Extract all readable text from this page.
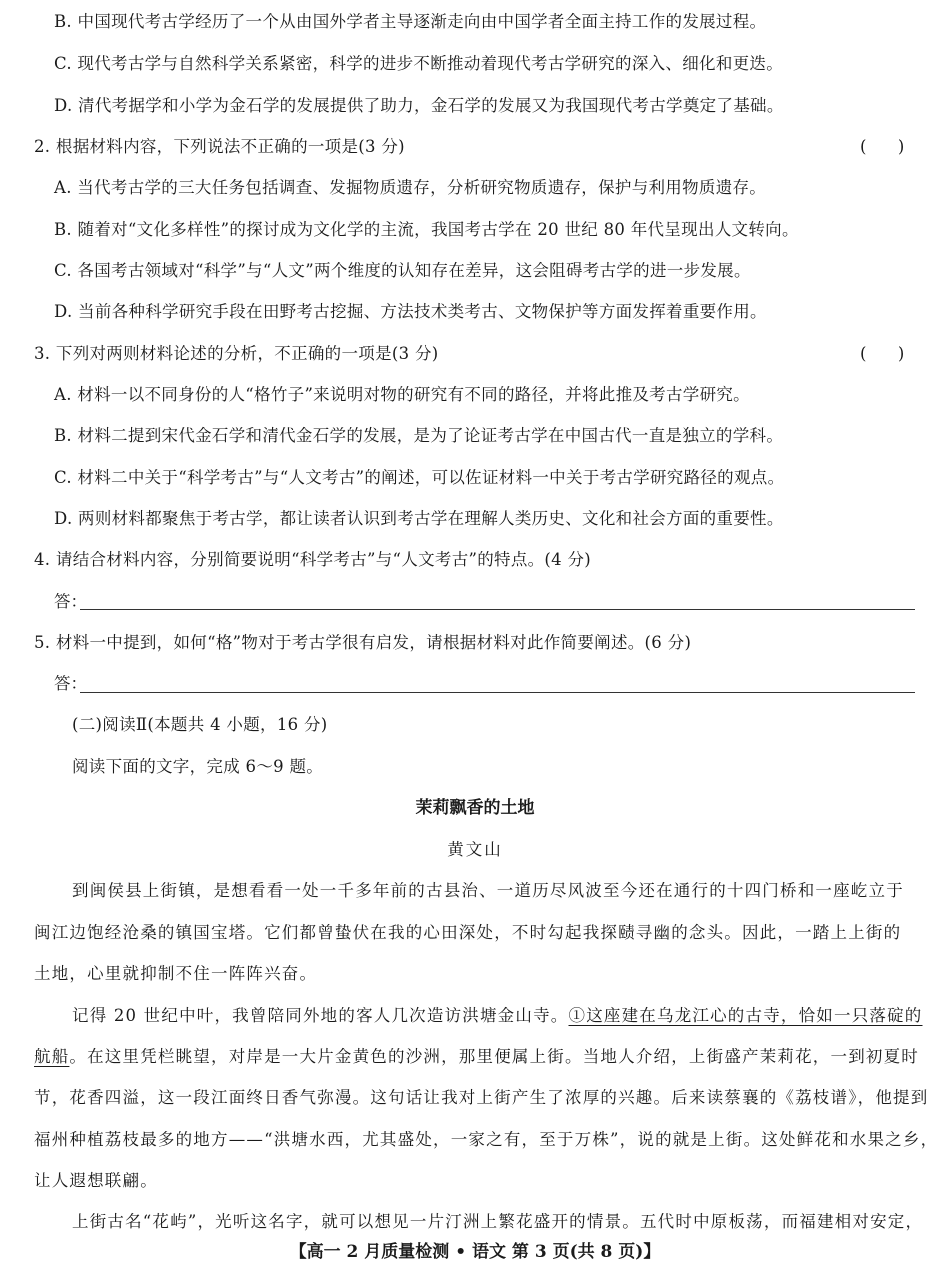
B. 中国现代考古学经历了一个从由国外学者主导逐渐走向由中国学者全面主持工作的发展过程。
C. 现代考古学与自然科学关系紧密，科学的进步不断推动着现代考古学研究的深入、细化和更迭。
D. 清代考据学和小学为金石学的发展提供了助力，金石学的发展又为我国现代考古学奠定了基础。
2. 根据材料内容，下列说法不正确的一项是(3 分)	(      )
A. 当代考古学的三大任务包括调查、发掘物质遗存，分析研究物质遗存，保护与利用物质遗存。
B. 随着对“文化多样性”的探讨成为文化学的主流，我国考古学在 20 世纪 80 年代呈现出人文转向。
C. 各国考古领域对“科学”与“人文”两个维度的认知存在差异，这会阻碍考古学的进一步发展。
D. 当前各种科学研究手段在田野考古挖掘、方法技术类考古、文物保护等方面发挥着重要作用。
3. 下列对两则材料论述的分析，不正确的一项是(3 分)	(      )
A. 材料一以不同身份的人“格竹子”来说明对物的研究有不同的路径，并将此推及考古学研究。
B. 材料二提到宋代金石学和清代金石学的发展，是为了论证考古学在中国古代一直是独立的学科。
C. 材料二中关于“科学考古”与“人文考古”的阐述，可以佐证材料一中关于考古学研究路径的观点。
D. 两则材料都聚焦于考古学，都让读者认识到考古学在理解人类历史、文化和社会方面的重要性。
4. 请结合材料内容，分别简要说明“科学考古”与“人文考古”的特点。(4 分)
答：
5. 材料一中提到，如何“格”物对于考古学很有启发，请根据材料对此作简要阐述。(6 分)
答：
(二)阅读Ⅱ(本题共 4 小题，16 分)
阅读下面的文字，完成 6～9 题。
茉莉飘香的土地
黄文山
到闽侯县上街镇，是想看看一处一千多年前的古县治、一道历尽风波至今还在通行的十四门桥和一座屹立于
闽江边饱经沧桑的镇国宝塔。它们都曾蛰伏在我的心田深处，不时勾起我探赜寻幽的念头。因此，一踏上上街的
土地，心里就抑制不住一阵阵兴奋。
记得 20 世纪中叶，我曾陪同外地的客人几次造访洪塘金山寺。①这座建在乌龙江心的古寺，恰如一只落碇的
航船。在这里凭栏眺望，对岸是一大片金黄色的沙洲，那里便属上街。当地人介绍，上街盛产茉莉花，一到初夏时
节，花香四溢，这一段江面终日香气弥漫。这句话让我对上街产生了浓厚的兴趣。后来读蔡襄的《荔枝谱》，他提到
福州种植荔枝最多的地方——“洪塘水西，尤其盛处，一家之有，至于万株”，说的就是上街。这处鲜花和水果之乡，
让人遐想联翩。
上街古名“花屿”，光听这名字，就可以想见一片汀洲上繁花盛开的情景。五代时中原板荡，而福建相对安定，
【高一 2 月质量检测 • 语文 第 3 页(共 8 页)】
